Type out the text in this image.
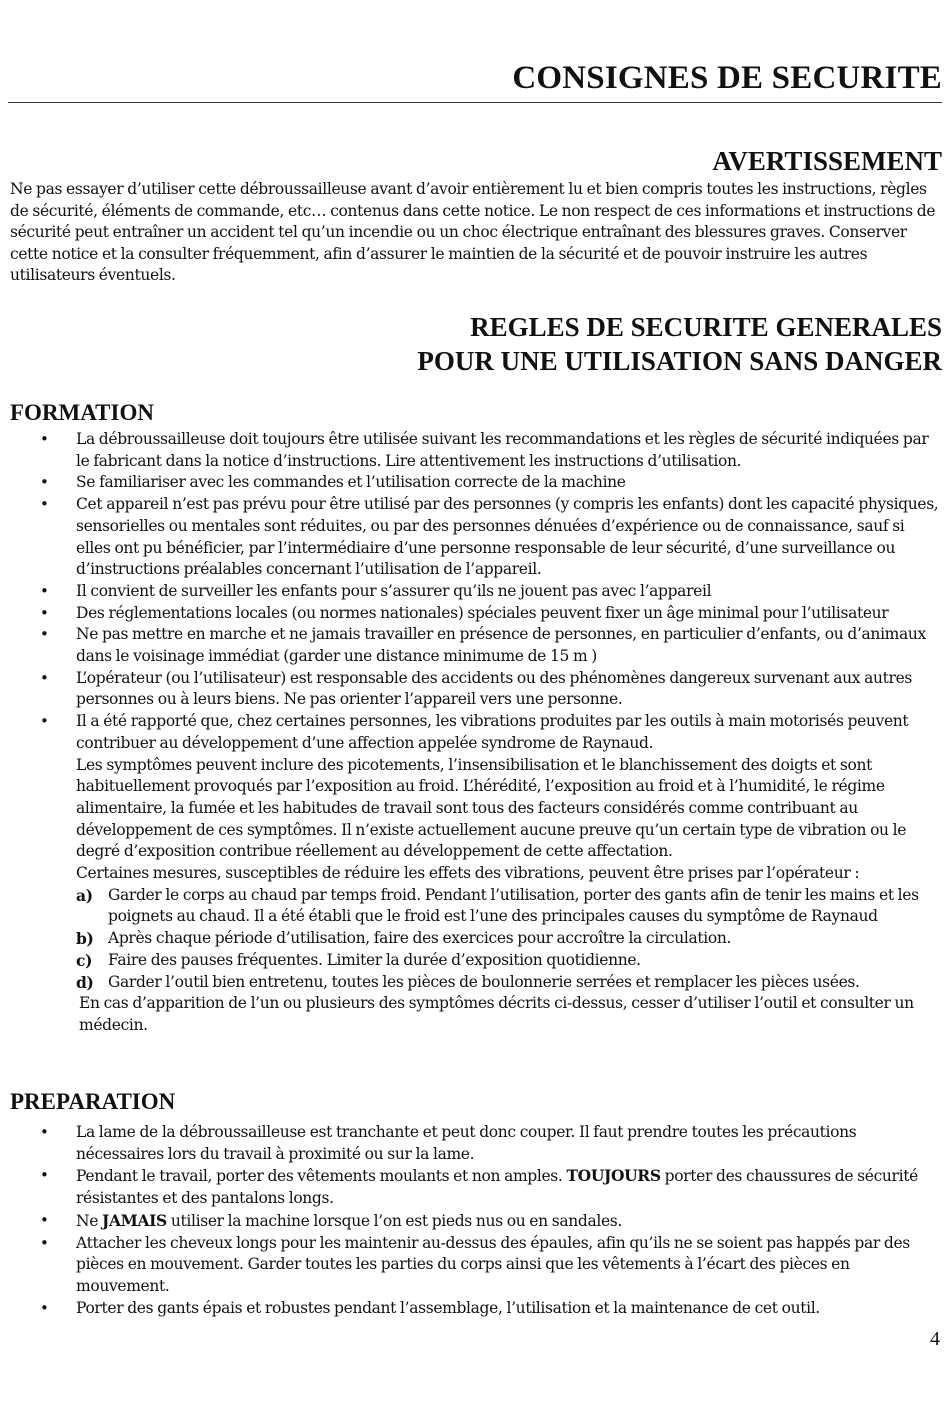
CONSIGNES DE SECURITE
AVERTISSEMENT
Ne pas essayer d’utiliser cette débroussailleuse avant d’avoir entièrement lu et bien compris toutes les instructions, règles de sécurité, éléments de commande, etc… contenus dans cette notice. Le non respect de ces informations et instructions de sécurité peut entraîner un accident tel qu’un incendie ou un choc électrique entraînant des blessures graves. Conserver cette notice et la consulter fréquemment, afin d’assurer le maintien de la sécurité et de pouvoir instruire les autres utilisateurs éventuels.
REGLES DE SECURITE GENERALES
POUR UNE UTILISATION SANS DANGER
FORMATION
• La débroussailleuse doit toujours être utilisée suivant les recommandations et les règles de sécurité indiquées par le fabricant dans la notice d’instructions. Lire attentivement les instructions d’utilisation.
• Se familiariser avec les commandes et l’utilisation correcte de la machine
• Cet appareil n’est pas prévu pour être utilisé par des personnes (y compris les enfants) dont les capacité physiques, sensorielles ou mentales sont réduites, ou par des personnes dénuées d’expérience ou de connaissance, sauf si elles ont pu bénéficier, par l’intermédiaire d’une personne responsable de leur sécurité, d’une surveillance ou d’instructions préalables concernant l’utilisation de l’appareil.
• Il convient de surveiller les enfants pour s’assurer qu’ils ne jouent pas avec l’appareil
• Des réglementations locales (ou normes nationales) spéciales peuvent fixer un âge minimal pour l’utilisateur
• Ne pas mettre en marche et ne jamais travailler en présence de personnes, en particulier d’enfants, ou d’animaux dans le voisinage immédiat (garder une distance minimume de 15 m )
• L’opérateur (ou l’utilisateur) est responsable des accidents ou des phénomènes dangereux survenant aux autres personnes ou à leurs biens. Ne pas orienter l’appareil vers une personne.
• Il a été rapporté que, chez certaines personnes, les vibrations produites par les outils à main motorisés peuvent contribuer au développement d’une affection appelée syndrome de Raynaud.
Les symptômes peuvent inclure des picotements, l’insensibilisation et le blanchissement des doigts et sont habituellement provoqués par l’exposition au froid. L’hérédité, l’exposition au froid et à l’humidité, le régime alimentaire, la fumée et les habitudes de travail sont tous des facteurs considérés comme contribuant au développement de ces symptômes. Il n’existe actuellement aucune preuve qu’un certain type de vibration ou le degré d’exposition contribue réellement au développement de cette affectation.
Certaines mesures, susceptibles de réduire les effets des vibrations, peuvent être prises par l’opérateur :
a) Garder le corps au chaud par temps froid. Pendant l’utilisation, porter des gants afin de tenir les mains et les poignets au chaud. Il a été établi que le froid est l’une des principales causes du symptôme de Raynaud
b) Après chaque période d’utilisation, faire des exercices pour accroître la circulation.
c) Faire des pauses fréquentes. Limiter la durée d’exposition quotidienne.
d) Garder l’outil bien entretenu, toutes les pièces de boulonnerie serrées et remplacer les pièces usées.
En cas d’apparition de l’un ou plusieurs des symptômes décrits ci-dessus, cesser d’utiliser l’outil et consulter un médecin.
PREPARATION
• La lame de la débroussailleuse est tranchante et peut donc couper. Il faut prendre toutes les précautions nécessaires lors du travail à proximité ou sur la lame.
• Pendant le travail, porter des vêtements moulants et non amples. TOUJOURS porter des chaussures de sécurité résistantes et des pantalons longs.
• Ne JAMAIS utiliser la machine lorsque l’on est pieds nus ou en sandales.
• Attacher les cheveux longs pour les maintenir au-dessus des épaules, afin qu’ils ne se soient pas happés par des pièces en mouvement. Garder toutes les parties du corps ainsi que les vêtements à l’écart des pièces en mouvement.
• Porter des gants épais et robustes pendant l’assemblage, l’utilisation et la maintenance de cet outil.
4
